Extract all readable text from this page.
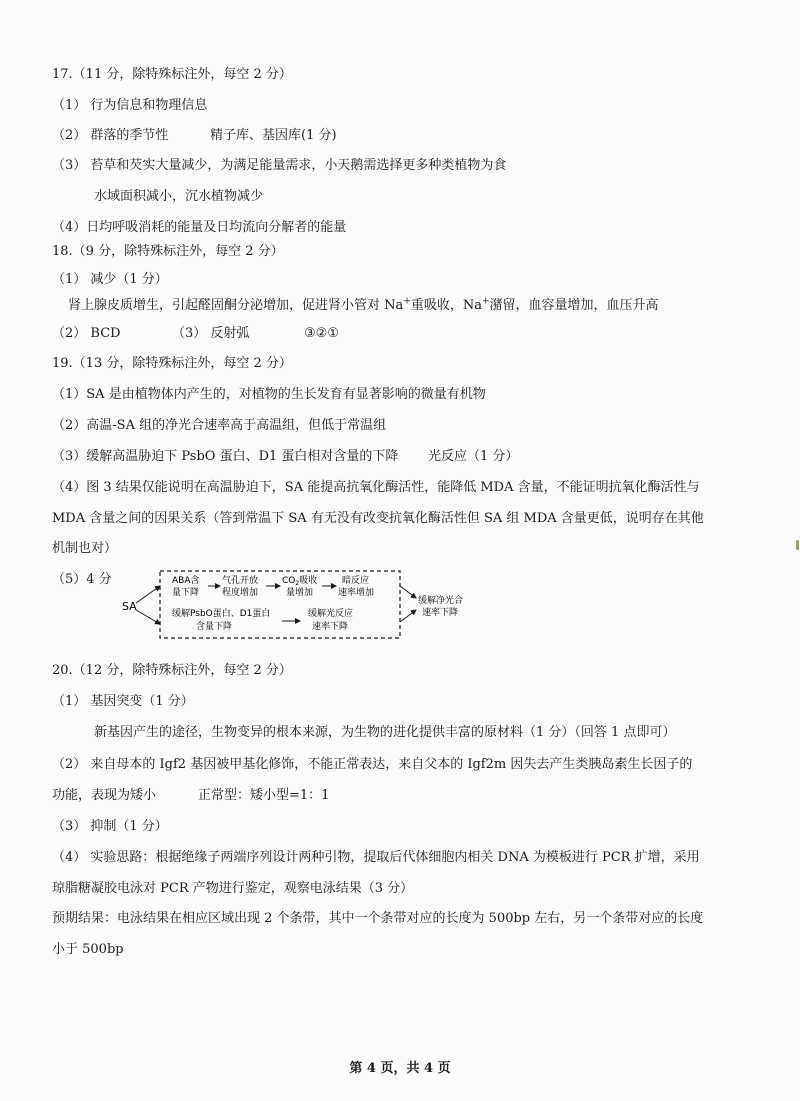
17.（11 分，除特殊标注外，每空 2 分）
（1） 行为信息和物理信息
（2） 群落的季节性	精子库、基因库(1 分)
（3） 苔草和芡实大量减少，为满足能量需求，小天鹅需选择更多种类植物为食
水域面积减小，沉水植物减少
（4）日均呼吸消耗的能量及日均流向分解者的能量
18.（9 分，除特殊标注外，每空 2 分）
（1） 减少（1 分）
肾上腺皮质增生，引起醛固酮分泌增加，促进肾小管对 Na+重吸收，Na+潴留，血容量增加，血压升高
（2） BCD	（3） 反射弧	③②①
19.（13 分，除特殊标注外，每空 2 分）
（1）SA 是由植物体内产生的，对植物的生长发育有显著影响的微量有机物
（2）高温-SA 组的净光合速率高于高温组，但低于常温组
（3）缓解高温胁迫下 PsbO 蛋白、D1 蛋白相对含量的下降 光反应（1 分）
（4）图 3 结果仅能说明在高温胁迫下，SA 能提高抗氧化酶活性，能降低 MDA 含量，不能证明抗氧化酶活性与
MDA 含量之间的因果关系（答到常温下 SA 有无没有改变抗氧化酶活性但 SA 组 MDA 含量更低，说明存在其他
机制也对）
（5）4 分
SA
ABA含
量下降
气孔开放
程度增加
$CO_2$吸收
量增加
暗反应
速率增加
缓解PsbO蛋白、D1蛋白
含量下降
缓解光反应
速率下降
缓解净光合
速率下降
20.（12 分，除特殊标注外，每空 2 分）
（1） 基因突变（1 分）
新基因产生的途径，生物变异的根本来源，为生物的进化提供丰富的原材料（1 分）（回答 1 点即可）
（2） 来自母本的 Igf2 基因被甲基化修饰，不能正常表达，来自父本的 Igf2m 因失去产生类胰岛素生长因子的
功能，表现为矮小	正常型：矮小型=1：1
（3） 抑制（1 分）
（4） 实验思路：根据绝缘子两端序列设计两种引物，提取后代体细胞内相关 DNA 为模板进行 PCR 扩增，采用
琼脂糖凝胶电泳对 PCR 产物进行鉴定，观察电泳结果（3 分）
预期结果：电泳结果在相应区域出现 2 个条带，其中一个条带对应的长度为 500bp 左右，另一个条带对应的长度
小于 500bp
第 4 页，共 4 页
